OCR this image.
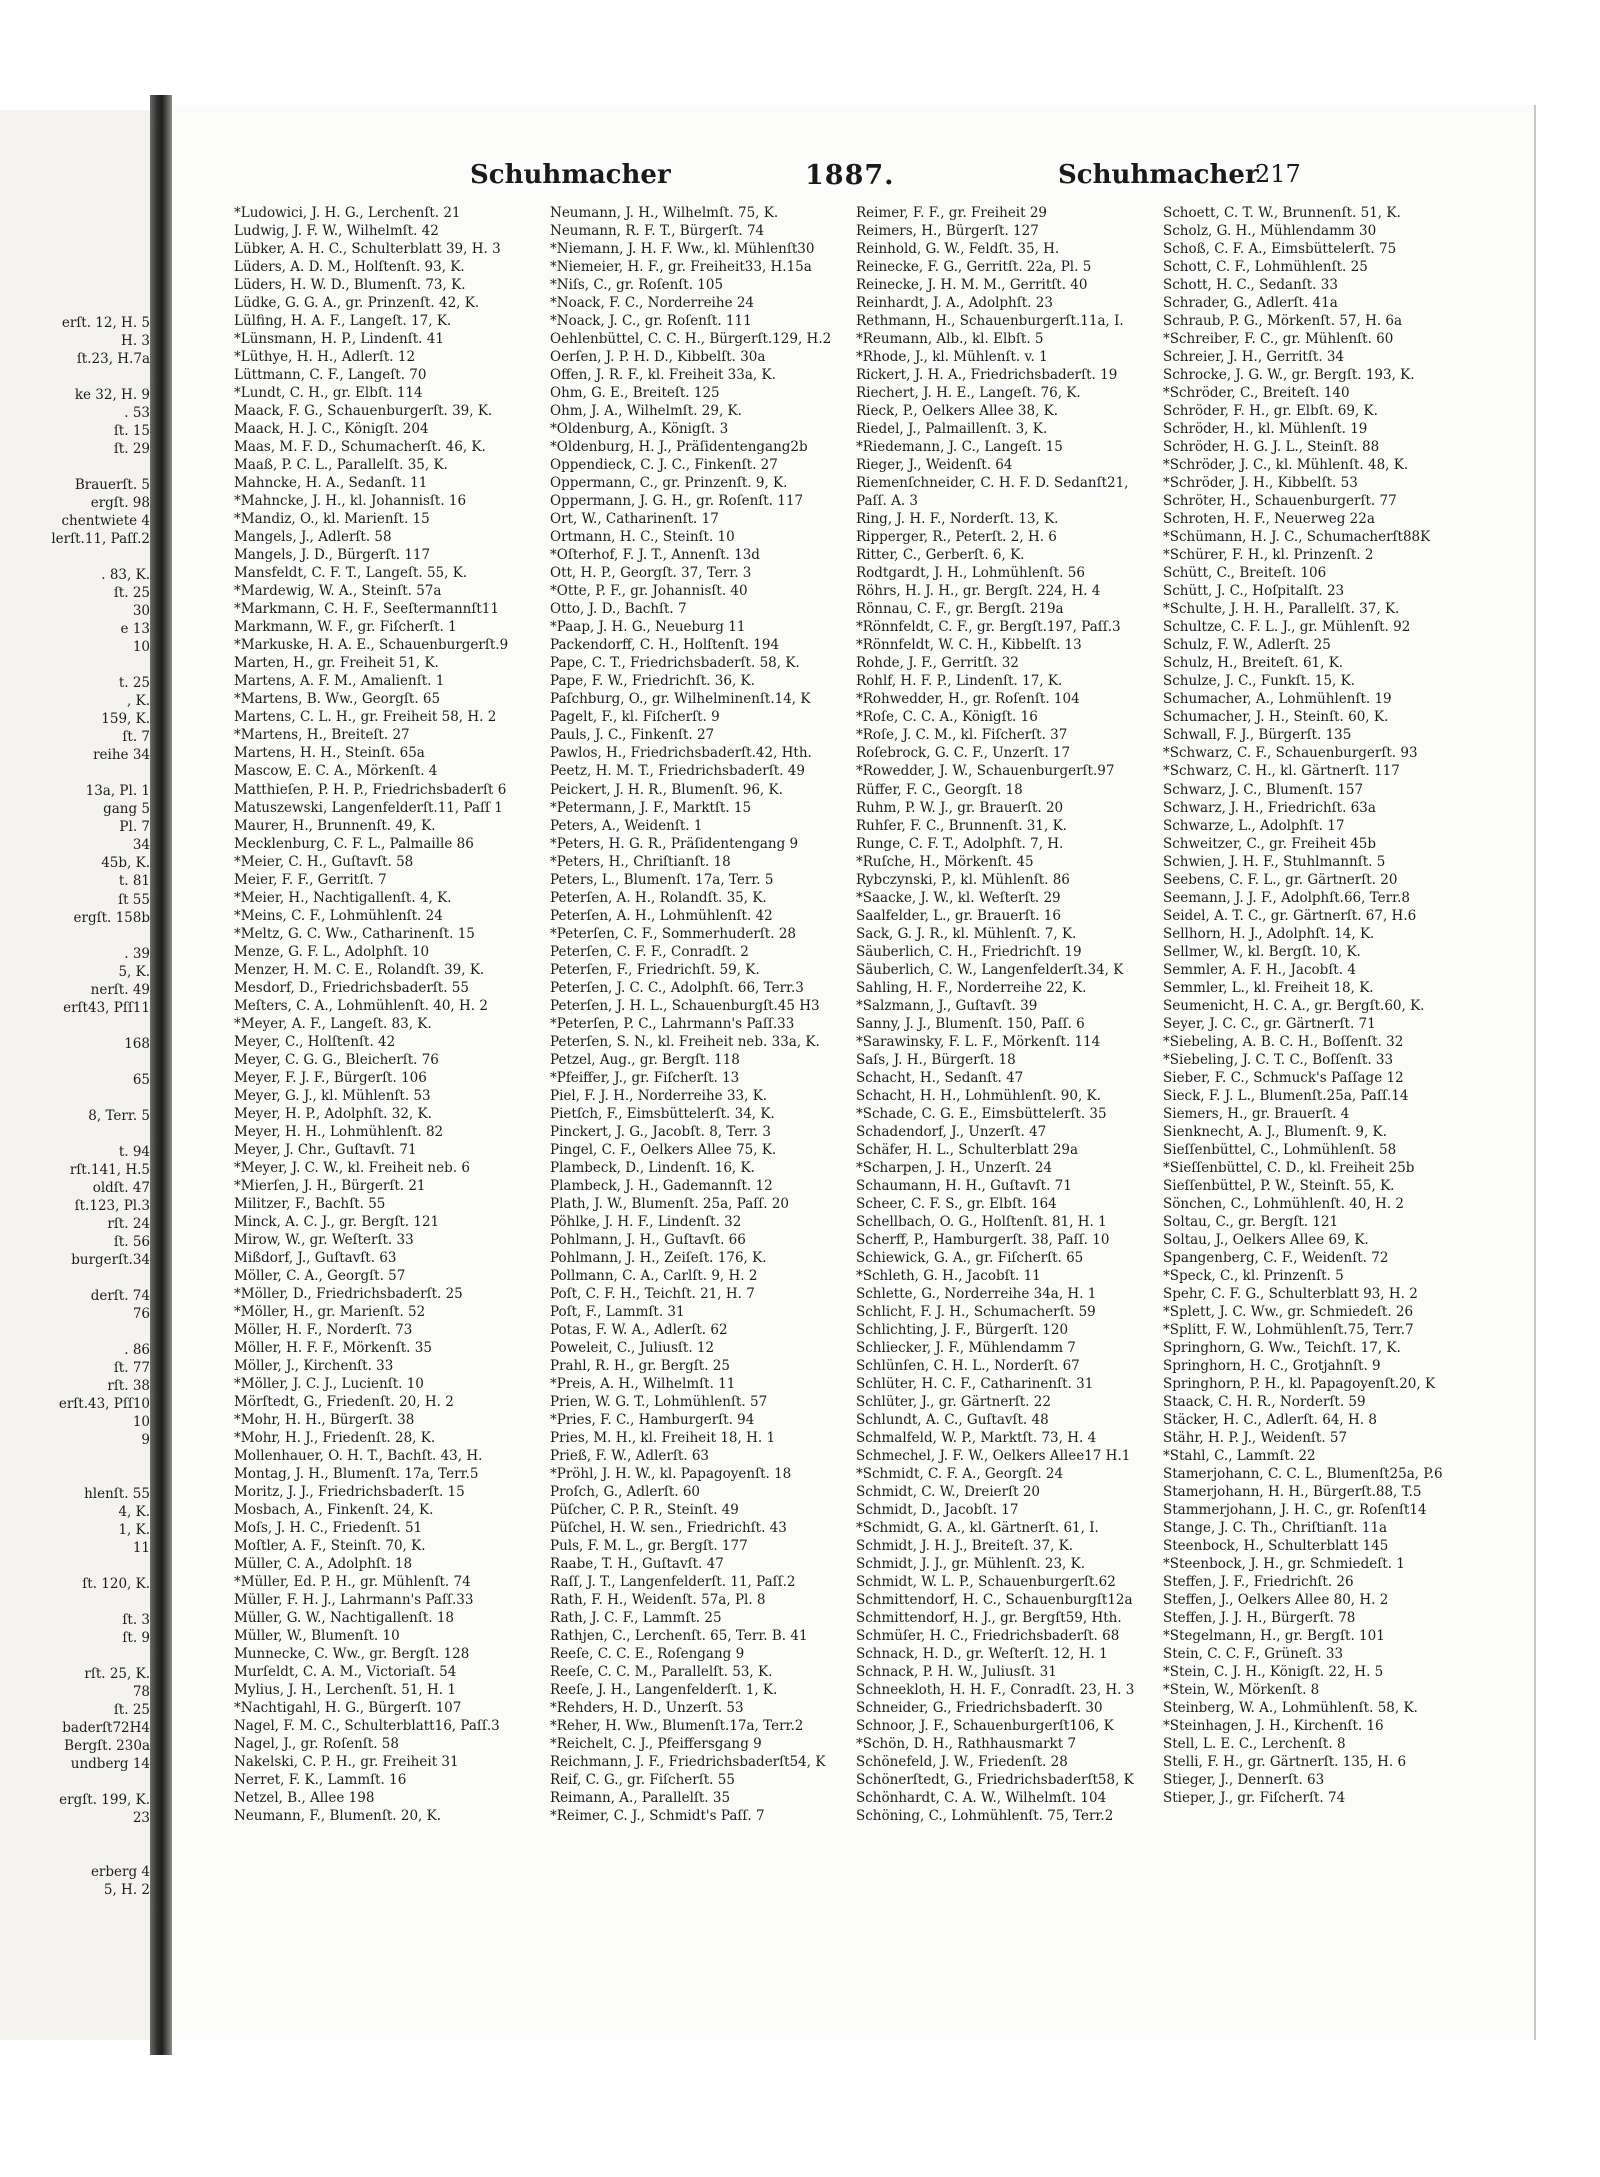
erſt. 12, H. 5
H. 3
ſt.23, H.7a
ke 32, H. 9
. 53
ſt. 15
ſt. 29
Brauerſt. 5
ergſt. 98
chentwiete 4
lerſt.11, Paſſ.2
. 83, K.
ſt. 25
30
e 13
10
t. 25
, K.
159, K.
ſt. 7
reihe 34
13a, Pl. 1
gang 5
Pl. 7
34
45b, K.
t. 81
ſt 55
ergſt. 158b
. 39
5, K.
nerſt. 49
erſt43, Pſſ11
168
65
8, Terr. 5
t. 94
rſt.141, H.5
oldſt. 47
ſt.123, Pl.3
rſt. 24
ſt. 56
burgerſt.34
derſt. 74
76
. 86
ſt. 77
rſt. 38
erſt.43, Pſſ10
10
9
hlenſt. 55
4, K.
1, K.
11
ſt. 120, K.
ſt. 3
ſt. 9
rſt. 25, K.
78
ſt. 25
baderſt72H4
Bergſt. 230a
undberg 14
ergſt. 199, K.
23
erberg 4
5, H. 2
Schuhmacher	1887.	Schuhmacher
217
*Ludowici, J. H. G., Lerchenſt. 21
Ludwig, J. F. W., Wilhelmſt. 42
Lübker, A. H. C., Schulterblatt 39, H. 3
Lüders, A. D. M., Holſtenſt. 93, K.
Lüders, H. W. D., Blumenſt. 73, K.
Lüdke, G. G. A., gr. Prinzenſt. 42, K.
Lülfing, H. A. F., Langeſt. 17, K.
*Lünsmann, H. P., Lindenſt. 41
*Lüthye, H. H., Adlerſt. 12
Lüttmann, C. F., Langeſt. 70
*Lundt, C. H., gr. Elbſt. 114
Maack, F. G., Schauenburgerſt. 39, K.
Maack, H. J. C., Königſt. 204
Maas, M. F. D., Schumacherſt. 46, K.
Maaß, P. C. L., Parallelſt. 35, K.
Mahncke, H. A., Sedanſt. 11
*Mahncke, J. H., kl. Johannisſt. 16
*Mandiz, O., kl. Marienſt. 15
Mangels, J., Adlerſt. 58
Mangels, J. D., Bürgerſt. 117
Mansfeldt, C. F. T., Langeſt. 55, K.
*Mardewig, W. A., Steinſt. 57a
*Markmann, C. H. F., Seeſtermannſt11
Markmann, W. F., gr. Fiſcherſt. 1
*Markuske, H. A. E., Schauenburgerſt.9
Marten, H., gr. Freiheit 51, K.
Martens, A. F. M., Amalienſt. 1
*Martens, B. Ww., Georgſt. 65
Martens, C. L. H., gr. Freiheit 58, H. 2
*Martens, H., Breiteſt. 27
Martens, H. H., Steinſt. 65a
Mascow, E. C. A., Mörkenſt. 4
Matthieſen, P. H. P., Friedrichsbaderſt 6
Matuszewski, Langenfelderſt.11, Paſſ 1
Maurer, H., Brunnenſt. 49, K.
Mecklenburg, C. F. L., Palmaille 86
*Meier, C. H., Guſtavſt. 58
Meier, F. F., Gerritſt. 7
*Meier, H., Nachtigallenſt. 4, K.
*Meins, C. F., Lohmühlenſt. 24
*Meltz, G. C. Ww., Catharinenſt. 15
Menze, G. F. L., Adolphſt. 10
Menzer, H. M. C. E., Rolandſt. 39, K.
Mesdorf, D., Friedrichsbaderſt. 55
Meſters, C. A., Lohmühlenſt. 40, H. 2
*Meyer, A. F., Langeſt. 83, K.
Meyer, C., Holſtenſt. 42
Meyer, C. G. G., Bleicherſt. 76
Meyer, F. J. F., Bürgerſt. 106
Meyer, G. J., kl. Mühlenſt. 53
Meyer, H. P., Adolphſt. 32, K.
Meyer, H. H., Lohmühlenſt. 82
Meyer, J. Chr., Guſtavſt. 71
*Meyer, J. C. W., kl. Freiheit neb. 6
*Mierſen, J. H., Bürgerſt. 21
Militzer, F., Bachſt. 55
Minck, A. C. J., gr. Bergſt. 121
Mirow, W., gr. Weſterſt. 33
Mißdorf, J., Guſtavſt. 63
Möller, C. A., Georgſt. 57
*Möller, D., Friedrichsbaderſt. 25
*Möller, H., gr. Marienſt. 52
Möller, H. F., Norderſt. 73
Möller, H. F. F., Mörkenſt. 35
Möller, J., Kirchenſt. 33
*Möller, J. C. J., Lucienſt. 10
Mörſtedt, G., Friedenſt. 20, H. 2
*Mohr, H. H., Bürgerſt. 38
*Mohr, H. J., Friedenſt. 28, K.
Mollenhauer, O. H. T., Bachſt. 43, H.
Montag, J. H., Blumenſt. 17a, Terr.5
Moritz, J. J., Friedrichsbaderſt. 15
Mosbach, A., Finkenſt. 24, K.
Moſs, J. H. C., Friedenſt. 51
Moſtler, A. F., Steinſt. 70, K.
Müller, C. A., Adolphſt. 18
*Müller, Ed. P. H., gr. Mühlenſt. 74
Müller, F. H. J., Lahrmann's Paſſ.33
Müller, G. W., Nachtigallenſt. 18
Müller, W., Blumenſt. 10
Munnecke, C. Ww., gr. Bergſt. 128
Murſeldt, C. A. M., Victoriaſt. 54
Mylius, J. H., Lerchenſt. 51, H. 1
*Nachtigahl, H. G., Bürgerſt. 107
Nagel, F. M. C., Schulterblatt16, Paſſ.3
Nagel, J., gr. Roſenſt. 58
Nakelski, C. P. H., gr. Freiheit 31
Nerret, F. K., Lammſt. 16
Netzel, B., Allee 198
Neumann, F., Blumenſt. 20, K.
Neumann, J. H., Wilhelmſt. 75, K.
Neumann, R. F. T., Bürgerſt. 74
*Niemann, J. H. F. Ww., kl. Mühlenſt30
*Niemeier, H. F., gr. Freiheit33, H.15a
*Niſs, C., gr. Roſenſt. 105
*Noack, F. C., Norderreihe 24
*Noack, J. C., gr. Roſenſt. 111
Oehlenbüttel, C. C. H., Bürgerſt.129, H.2
Oerſen, J. P. H. D., Kibbelſt. 30a
Offen, J. R. F., kl. Freiheit 33a, K.
Ohm, G. E., Breiteſt. 125
Ohm, J. A., Wilhelmſt. 29, K.
*Oldenburg, A., Königſt. 3
*Oldenburg, H. J., Präſidentengang2b
Oppendieck, C. J. C., Finkenſt. 27
Oppermann, C., gr. Prinzenſt. 9, K.
Oppermann, J. G. H., gr. Roſenſt. 117
Ort, W., Catharinenſt. 17
Ortmann, H. C., Steinſt. 10
*Oſterhof, F. J. T., Annenſt. 13d
Ott, H. P., Georgſt. 37, Terr. 3
*Otte, P. F., gr. Johannisſt. 40
Otto, J. D., Bachſt. 7
*Paap, J. H. G., Neueburg 11
Packendorff, C. H., Holſtenſt. 194
Pape, C. T., Friedrichsbaderſt. 58, K.
Pape, F. W., Friedrichſt. 36, K.
Paſchburg, O., gr. Wilhelminenſt.14, K
Pagelt, F., kl. Fiſcherſt. 9
Pauls, J. C., Finkenſt. 27
Pawlos, H., Friedrichsbaderſt.42, Hth.
Peetz, H. M. T., Friedrichsbaderſt. 49
Peickert, J. H. R., Blumenſt. 96, K.
*Petermann, J. F., Marktſt. 15
Peters, A., Weidenſt. 1
*Peters, H. G. R., Präſidentengang 9
*Peters, H., Chriſtianſt. 18
Peters, L., Blumenſt. 17a, Terr. 5
Peterſen, A. H., Rolandſt. 35, K.
Peterſen, A. H., Lohmühlenſt. 42
*Peterſen, C. F., Sommerhuderſt. 28
Peterſen, C. F. F., Conradſt. 2
Peterſen, F., Friedrichſt. 59, K.
Peterſen, J. C. C., Adolphſt. 66, Terr.3
Peterſen, J. H. L., Schauenburgſt.45 H3
*Peterſen, P. C., Lahrmann's Paſſ.33
Peterſen, S. N., kl. Freiheit neb. 33a, K.
Petzel, Aug., gr. Bergſt. 118
*Pfeiffer, J., gr. Fiſcherſt. 13
Piel, F. J. H., Norderreihe 33, K.
Pietſch, F., Eimsbüttelerſt. 34, K.
Pinckert, J. G., Jacobſt. 8, Terr. 3
Pingel, C. F., Oelkers Allee 75, K.
Plambeck, D., Lindenſt. 16, K.
Plambeck, J. H., Gademannſt. 12
Plath, J. W., Blumenſt. 25a, Paſſ. 20
Pöhlke, J. H. F., Lindenſt. 32
Pohlmann, J. H., Guſtavſt. 66
Pohlmann, J. H., Zeiſeſt. 176, K.
Pollmann, C. A., Carlſt. 9, H. 2
Poſt, C. F. H., Teichſt. 21, H. 7
Poſt, F., Lammſt. 31
Potas, F. W. A., Adlerſt. 62
Poweleit, C., Juliusſt. 12
Prahl, R. H., gr. Bergſt. 25
*Preis, A. H., Wilhelmſt. 11
Prien, W. G. T., Lohmühlenſt. 57
*Pries, F. C., Hamburgerſt. 94
Pries, M. H., kl. Freiheit 18, H. 1
Prieß, F. W., Adlerſt. 63
*Pröhl, J. H. W., kl. Papagoyenſt. 18
Proſch, G., Adlerſt. 60
Püſcher, C. P. R., Steinſt. 49
Püſchel, H. W. sen., Friedrichſt. 43
Puls, F. M. L., gr. Bergſt. 177
Raabe, T. H., Guſtavſt. 47
Raſſ, J. T., Langenfelderſt. 11, Paſſ.2
Rath, F. H., Weidenſt. 57a, Pl. 8
Rath, J. C. F., Lammſt. 25
Rathjen, C., Lerchenſt. 65, Terr. B. 41
Reeſe, C. C. E., Roſengang 9
Reeſe, C. C. M., Parallelſt. 53, K.
Reeſe, J. H., Langenfelderſt. 1, K.
*Rehders, H. D., Unzerſt. 53
*Reher, H. Ww., Blumenſt.17a, Terr.2
*Reichelt, C. J., Pfeiffersgang 9
Reichmann, J. F., Friedrichsbaderſt54, K
Reif, C. G., gr. Fiſcherſt. 55
Reimann, A., Parallelſt. 35
*Reimer, C. J., Schmidt's Paſſ. 7
Reimer, F. F., gr. Freiheit 29
Reimers, H., Bürgerſt. 127
Reinhold, G. W., Feldſt. 35, H.
Reinecke, F. G., Gerritſt. 22a, Pl. 5
Reinecke, J. H. M. M., Gerritſt. 40
Reinhardt, J. A., Adolphſt. 23
Rethmann, H., Schauenburgerſt.11a, I.
*Reumann, Alb., kl. Elbſt. 5
*Rhode, J., kl. Mühlenſt. v. 1
Rickert, J. H. A., Friedrichsbaderſt. 19
Riechert, J. H. E., Langeſt. 76, K.
Rieck, P., Oelkers Allee 38, K.
Riedel, J., Palmaillenſt. 3, K.
*Riedemann, J. C., Langeſt. 15
Rieger, J., Weidenſt. 64
Riemenſchneider, C. H. F. D. Sedanſt21,
Paſſ. A. 3
Ring, J. H. F., Norderſt. 13, K.
Ripperger, R., Peterſt. 2, H. 6
Ritter, C., Gerberſt. 6, K.
Rodtgardt, J. H., Lohmühlenſt. 56
Röhrs, H. J. H., gr. Bergſt. 224, H. 4
Rönnau, C. F., gr. Bergſt. 219a
*Rönnfeldt, C. F., gr. Bergſt.197, Paſſ.3
*Rönnfeldt, W. C. H., Kibbelſt. 13
Rohde, J. F., Gerritſt. 32
Rohlf, H. F. P., Lindenſt. 17, K.
*Rohwedder, H., gr. Roſenſt. 104
*Roſe, C. C. A., Königſt. 16
*Roſe, J. C. M., kl. Fiſcherſt. 37
Roſebrock, G. C. F., Unzerſt. 17
*Rowedder, J. W., Schauenburgerſt.97
Rüffer, F. C., Georgſt. 18
Ruhm, P. W. J., gr. Brauerſt. 20
Ruhſer, F. C., Brunnenſt. 31, K.
Runge, C. F. T., Adolphſt. 7, H.
*Ruſche, H., Mörkenſt. 45
Rybczynski, P., kl. Mühlenſt. 86
*Saacke, J. W., kl. Weſterſt. 29
Saalfelder, L., gr. Brauerſt. 16
Sack, G. J. R., kl. Mühlenſt. 7, K.
Säuberlich, C. H., Friedrichſt. 19
Säuberlich, C. W., Langenfelderſt.34, K
Sahling, H. F., Norderreihe 22, K.
*Salzmann, J., Guſtavſt. 39
Sanny, J. J., Blumenſt. 150, Paſſ. 6
*Sarawinsky, F. L. F., Mörkenſt. 114
Saſs, J. H., Bürgerſt. 18
Schacht, H., Sedanſt. 47
Schacht, H. H., Lohmühlenſt. 90, K.
*Schade, C. G. E., Eimsbüttelerſt. 35
Schadendorf, J., Unzerſt. 47
Schäfer, H. L., Schulterblatt 29a
*Scharpen, J. H., Unzerſt. 24
Schaumann, H. H., Guſtavſt. 71
Scheer, C. F. S., gr. Elbſt. 164
Schellbach, O. G., Holſtenſt. 81, H. 1
Scherff, P., Hamburgerſt. 38, Paſſ. 10
Schiewick, G. A., gr. Fiſcherſt. 65
*Schleth, G. H., Jacobſt. 11
Schlette, G., Norderreihe 34a, H. 1
Schlicht, F. J. H., Schumacherſt. 59
Schlichting, J. F., Bürgerſt. 120
Schliecker, J. F., Mühlendamm 7
Schlünſen, C. H. L., Norderſt. 67
Schlüter, H. C. F., Catharinenſt. 31
Schlüter, J., gr. Gärtnerſt. 22
Schlundt, A. C., Guſtavſt. 48
Schmalfeld, W. P., Marktſt. 73, H. 4
Schmechel, J. F. W., Oelkers Allee17 H.1
*Schmidt, C. F. A., Georgſt. 24
Schmidt, C. W., Dreierſt 20
Schmidt, D., Jacobſt. 17
*Schmidt, G. A., kl. Gärtnerſt. 61, I.
Schmidt, J. H. J., Breiteſt. 37, K.
Schmidt, J. J., gr. Mühlenſt. 23, K.
Schmidt, W. L. P., Schauenburgerſt.62
Schmittendorf, H. C., Schauenburgſt12a
Schmittendorf, H. J., gr. Bergſt59, Hth.
Schmüſer, H. C., Friedrichsbaderſt. 68
Schnack, H. D., gr. Weſterſt. 12, H. 1
Schnack, P. H. W., Juliusſt. 31
Schneekloth, H. H. F., Conradſt. 23, H. 3
Schneider, G., Friedrichsbaderſt. 30
Schnoor, J. F., Schauenburgerſt106, K
*Schön, D. H., Rathhausmarkt 7
Schönefeld, J. W., Friedenſt. 28
Schönerſtedt, G., Friedrichsbaderſt58, K
Schönhardt, C. A. W., Wilhelmſt. 104
Schöning, C., Lohmühlenſt. 75, Terr.2
Schoett, C. T. W., Brunnenſt. 51, K.
Scholz, G. H., Mühlendamm 30
Schoß, C. F. A., Eimsbüttelerſt. 75
Schott, C. F., Lohmühlenſt. 25
Schott, H. C., Sedanſt. 33
Schrader, G., Adlerſt. 41a
Schraub, P. G., Mörkenſt. 57, H. 6a
*Schreiber, F. C., gr. Mühlenſt. 60
Schreier, J. H., Gerritſt. 34
Schrocke, J. G. W., gr. Bergſt. 193, K.
*Schröder, C., Breiteſt. 140
Schröder, F. H., gr. Elbſt. 69, K.
Schröder, H., kl. Mühlenſt. 19
Schröder, H. G. J. L., Steinſt. 88
*Schröder, J. C., kl. Mühlenſt. 48, K.
*Schröder, J. H., Kibbelſt. 53
Schröter, H., Schauenburgerſt. 77
Schroten, H. F., Neuerweg 22a
*Schümann, H. J. C., Schumacherſt88K
*Schürer, F. H., kl. Prinzenſt. 2
Schütt, C., Breiteſt. 106
Schütt, J. C., Hoſpitalſt. 23
*Schulte, J. H. H., Parallelſt. 37, K.
Schultze, C. F. L. J., gr. Mühlenſt. 92
Schulz, F. W., Adlerſt. 25
Schulz, H., Breiteſt. 61, K.
Schulze, J. C., Funkſt. 15, K.
Schumacher, A., Lohmühlenſt. 19
Schumacher, J. H., Steinſt. 60, K.
Schwall, F. J., Bürgerſt. 135
*Schwarz, C. F., Schauenburgerſt. 93
*Schwarz, C. H., kl. Gärtnerſt. 117
Schwarz, J. C., Blumenſt. 157
Schwarz, J. H., Friedrichſt. 63a
Schwarze, L., Adolphſt. 17
Schweitzer, C., gr. Freiheit 45b
Schwien, J. H. F., Stuhlmannſt. 5
Seebens, C. F. L., gr. Gärtnerſt. 20
Seemann, J. J. F., Adolphſt.66, Terr.8
Seidel, A. T. C., gr. Gärtnerſt. 67, H.6
Sellhorn, H. J., Adolphſt. 14, K.
Sellmer, W., kl. Bergſt. 10, K.
Semmler, A. F. H., Jacobſt. 4
Semmler, L., kl. Freiheit 18, K.
Seumenicht, H. C. A., gr. Bergſt.60, K.
Seyer, J. C. C., gr. Gärtnerſt. 71
*Siebeling, A. B. C. H., Boſſenſt. 32
*Siebeling, J. C. T. C., Boſſenſt. 33
Sieber, F. C., Schmuck's Paſſage 12
Sieck, F. J. L., Blumenſt.25a, Paſſ.14
Siemers, H., gr. Brauerſt. 4
Sienknecht, A. J., Blumenſt. 9, K.
Sieſſenbüttel, C., Lohmühlenſt. 58
*Sieſſenbüttel, C. D., kl. Freiheit 25b
Sieſſenbüttel, P. W., Steinſt. 55, K.
Sönchen, C., Lohmühlenſt. 40, H. 2
Soltau, C., gr. Bergſt. 121
Soltau, J., Oelkers Allee 69, K.
Spangenberg, C. F., Weidenſt. 72
*Speck, C., kl. Prinzenſt. 5
Spehr, C. F. G., Schulterblatt 93, H. 2
*Splett, J. C. Ww., gr. Schmiedeſt. 26
*Splitt, F. W., Lohmühlenſt.75, Terr.7
Springhorn, G. Ww., Teichſt. 17, K.
Springhorn, H. C., Grotjahnſt. 9
Springhorn, P. H., kl. Papagoyenſt.20, K
Staack, C. H. R., Norderſt. 59
Stäcker, H. C., Adlerſt. 64, H. 8
Stähr, H. P. J., Weidenſt. 57
*Stahl, C., Lammſt. 22
Stamerjohann, C. C. L., Blumenſt25a, P.6
Stamerjohann, H. H., Bürgerſt.88, T.5
Stammerjohann, J. H. C., gr. Roſenſt14
Stange, J. C. Th., Chriſtianſt. 11a
Steenbock, H., Schulterblatt 145
*Steenbock, J. H., gr. Schmiedeſt. 1
Steffen, J. F., Friedrichſt. 26
Steffen, J., Oelkers Allee 80, H. 2
Steffen, J. J. H., Bürgerſt. 78
*Stegelmann, H., gr. Bergſt. 101
Stein, C. C. F., Grüneſt. 33
*Stein, C. J. H., Königſt. 22, H. 5
*Stein, W., Mörkenſt. 8
Steinberg, W. A., Lohmühlenſt. 58, K.
*Steinhagen, J. H., Kirchenſt. 16
Stell, L. E. C., Lerchenſt. 8
Stelli, F. H., gr. Gärtnerſt. 135, H. 6
Stieger, J., Dennerſt. 63
Stieper, J., gr. Fiſcherſt. 74
